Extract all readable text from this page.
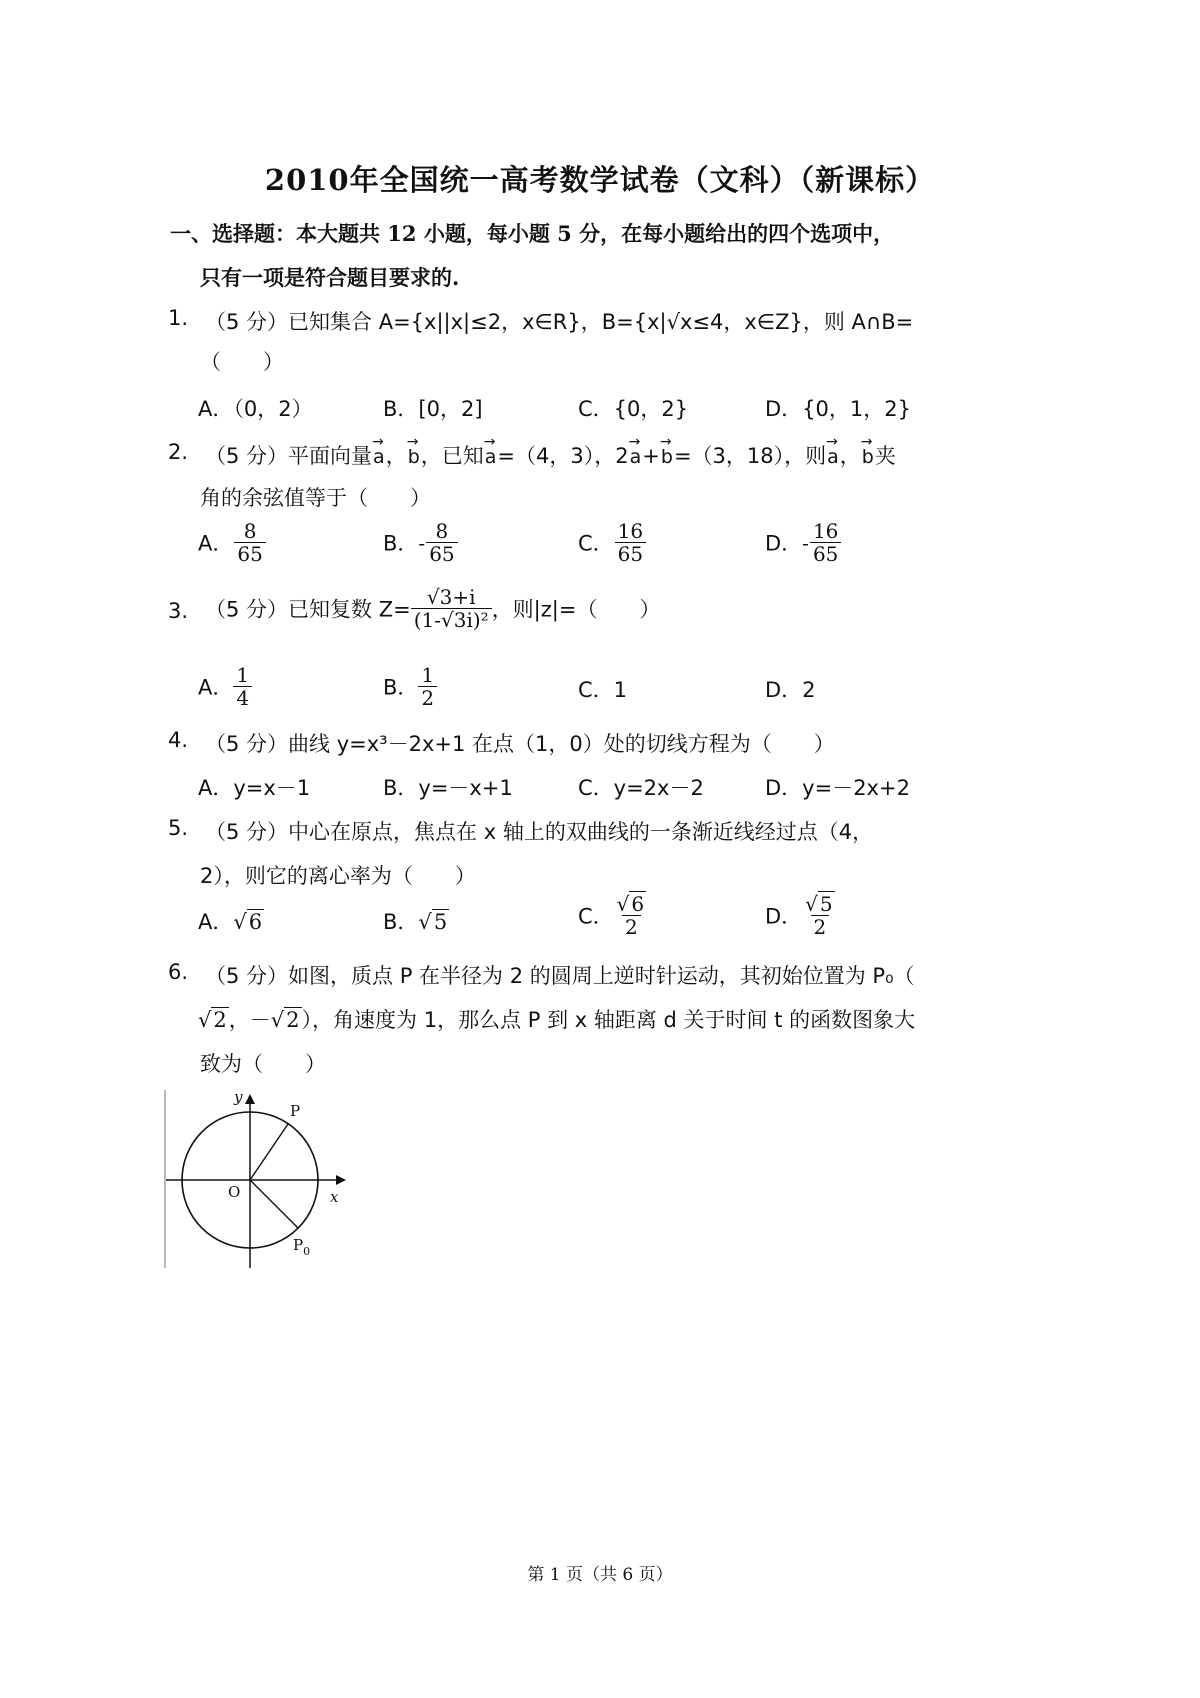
2010年全国统一高考数学试卷（文科）（新课标）
一、选择题：本大题共 12 小题，每小题 5 分，在每小题给出的四个选项中，
只有一项是符合题目要求的.
1. （5 分）已知集合 A={x||x|≤2，x∈R}，B={x|√x≤4，x∈Z}，则 A∩B=
（　　）
A．（0，2）	B．[0，2]	C．{0，2}	D．{0，1，2}
2. （5 分）平面向量→ a，→ b，已知→ a=（4，3），2→ a+→ b=（3，18），则→ a，→ b夹
角的余弦值等于（　　）
A． $\frac{8}{65}$	B．- $\frac{8}{65}$	C． $\frac{16}{65}$	D．- $\frac{16}{65}$
3. （5 分）已知复数 $Z= \frac{√3+i}{\text{(1-√3i)²}}$ ，则|z|=（　　）
A． $\frac{1}{4}$	B． $\frac{1}{2}$	C．1	D．2
4. （5 分）曲线 y=x³－2x+1 在点（1，0）处的切线方程为（　　）
A．y=x－1	B．y=－x+1	C．y=2x－2	D．y=－2x+2
5. （5 分）中心在原点，焦点在 x 轴上的双曲线的一条渐近线经过点（4，
2），则它的离心率为（　　）
A．√6	B．√5	C． $\frac{√ 6}{2}$	D． $\frac{√ 5}{2}$
6. （5 分）如图，质点 P 在半径为 2 的圆周上逆时针运动，其初始位置为 P₀（
√2，－√2），角速度为 1，那么点 P 到 x 轴距离 d 关于时间 t 的函数图象大
致为（　　）
y
x
O
P
$P_0$
第 1 页（共 6 页）
